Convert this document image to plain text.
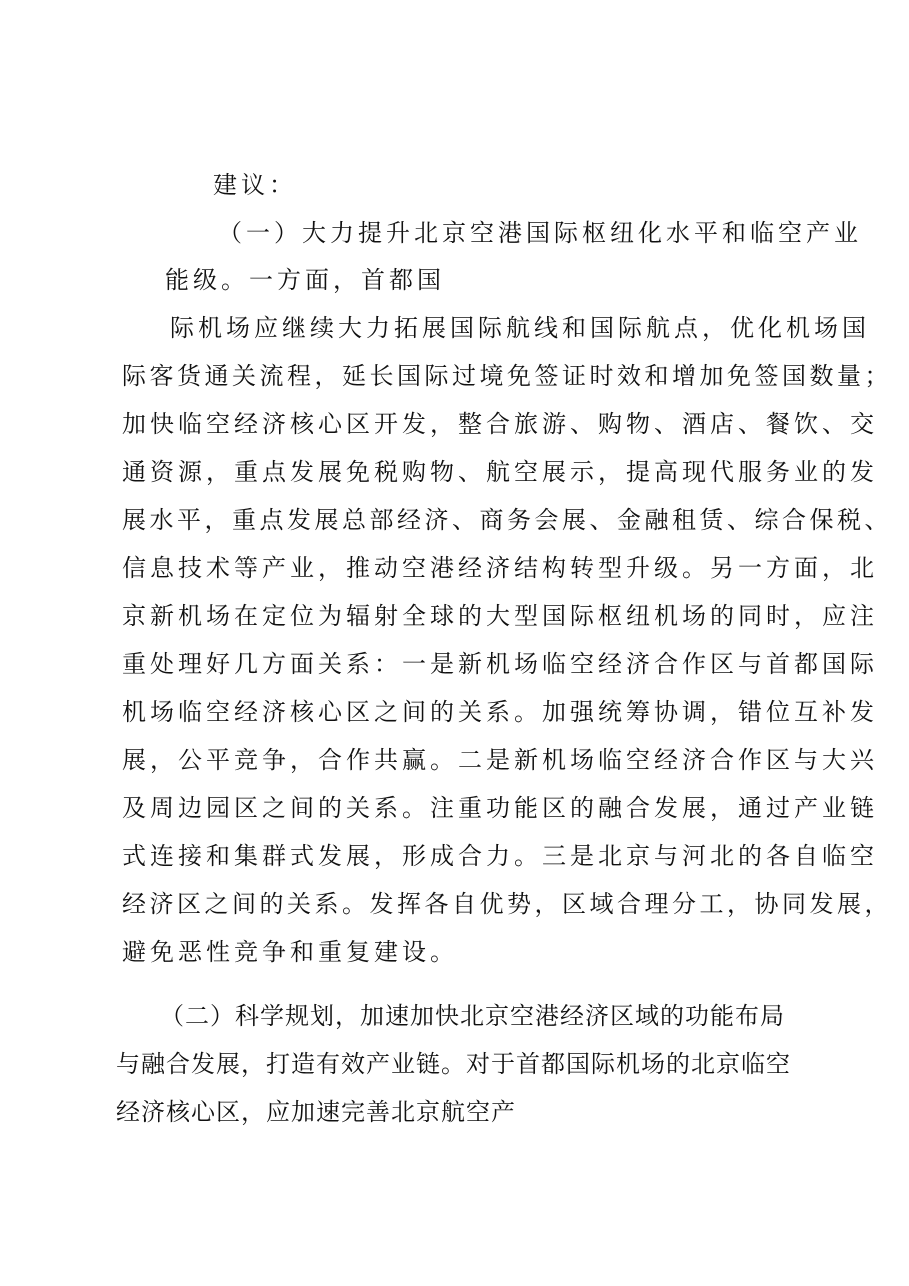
建议：

（一）大力提升北京空港国际枢纽化水平和临空产业

能级。一方面，首都国

际机场应继续大力拓展国际航线和国际航点，优化机场国

际客货通关流程，延长国际过境免签证时效和增加免签国数量；

加快临空经济核心区开发，整合旅游、购物、酒店、餐饮、交

通资源，重点发展免税购物、航空展示，提高现代服务业的发

展水平，重点发展总部经济、商务会展、金融租赁、综合保税、

信息技术等产业，推动空港经济结构转型升级。另一方面，北

京新机场在定位为辐射全球的大型国际枢纽机场的同时，应注

重处理好几方面关系：一是新机场临空经济合作区与首都国际

机场临空经济核心区之间的关系。加强统筹协调，错位互补发

展，公平竞争，合作共赢。二是新机场临空经济合作区与大兴

及周边园区之间的关系。注重功能区的融合发展，通过产业链

式连接和集群式发展，形成合力。三是北京与河北的各自临空

经济区之间的关系。发挥各自优势，区域合理分工，协同发展，

避免恶性竞争和重复建设。

（二）科学规划，加速加快北京空港经济区域的功能布局

与融合发展，打造有效产业链。对于首都国际机场的北京临空

经济核心区，应加速完善北京航空产
